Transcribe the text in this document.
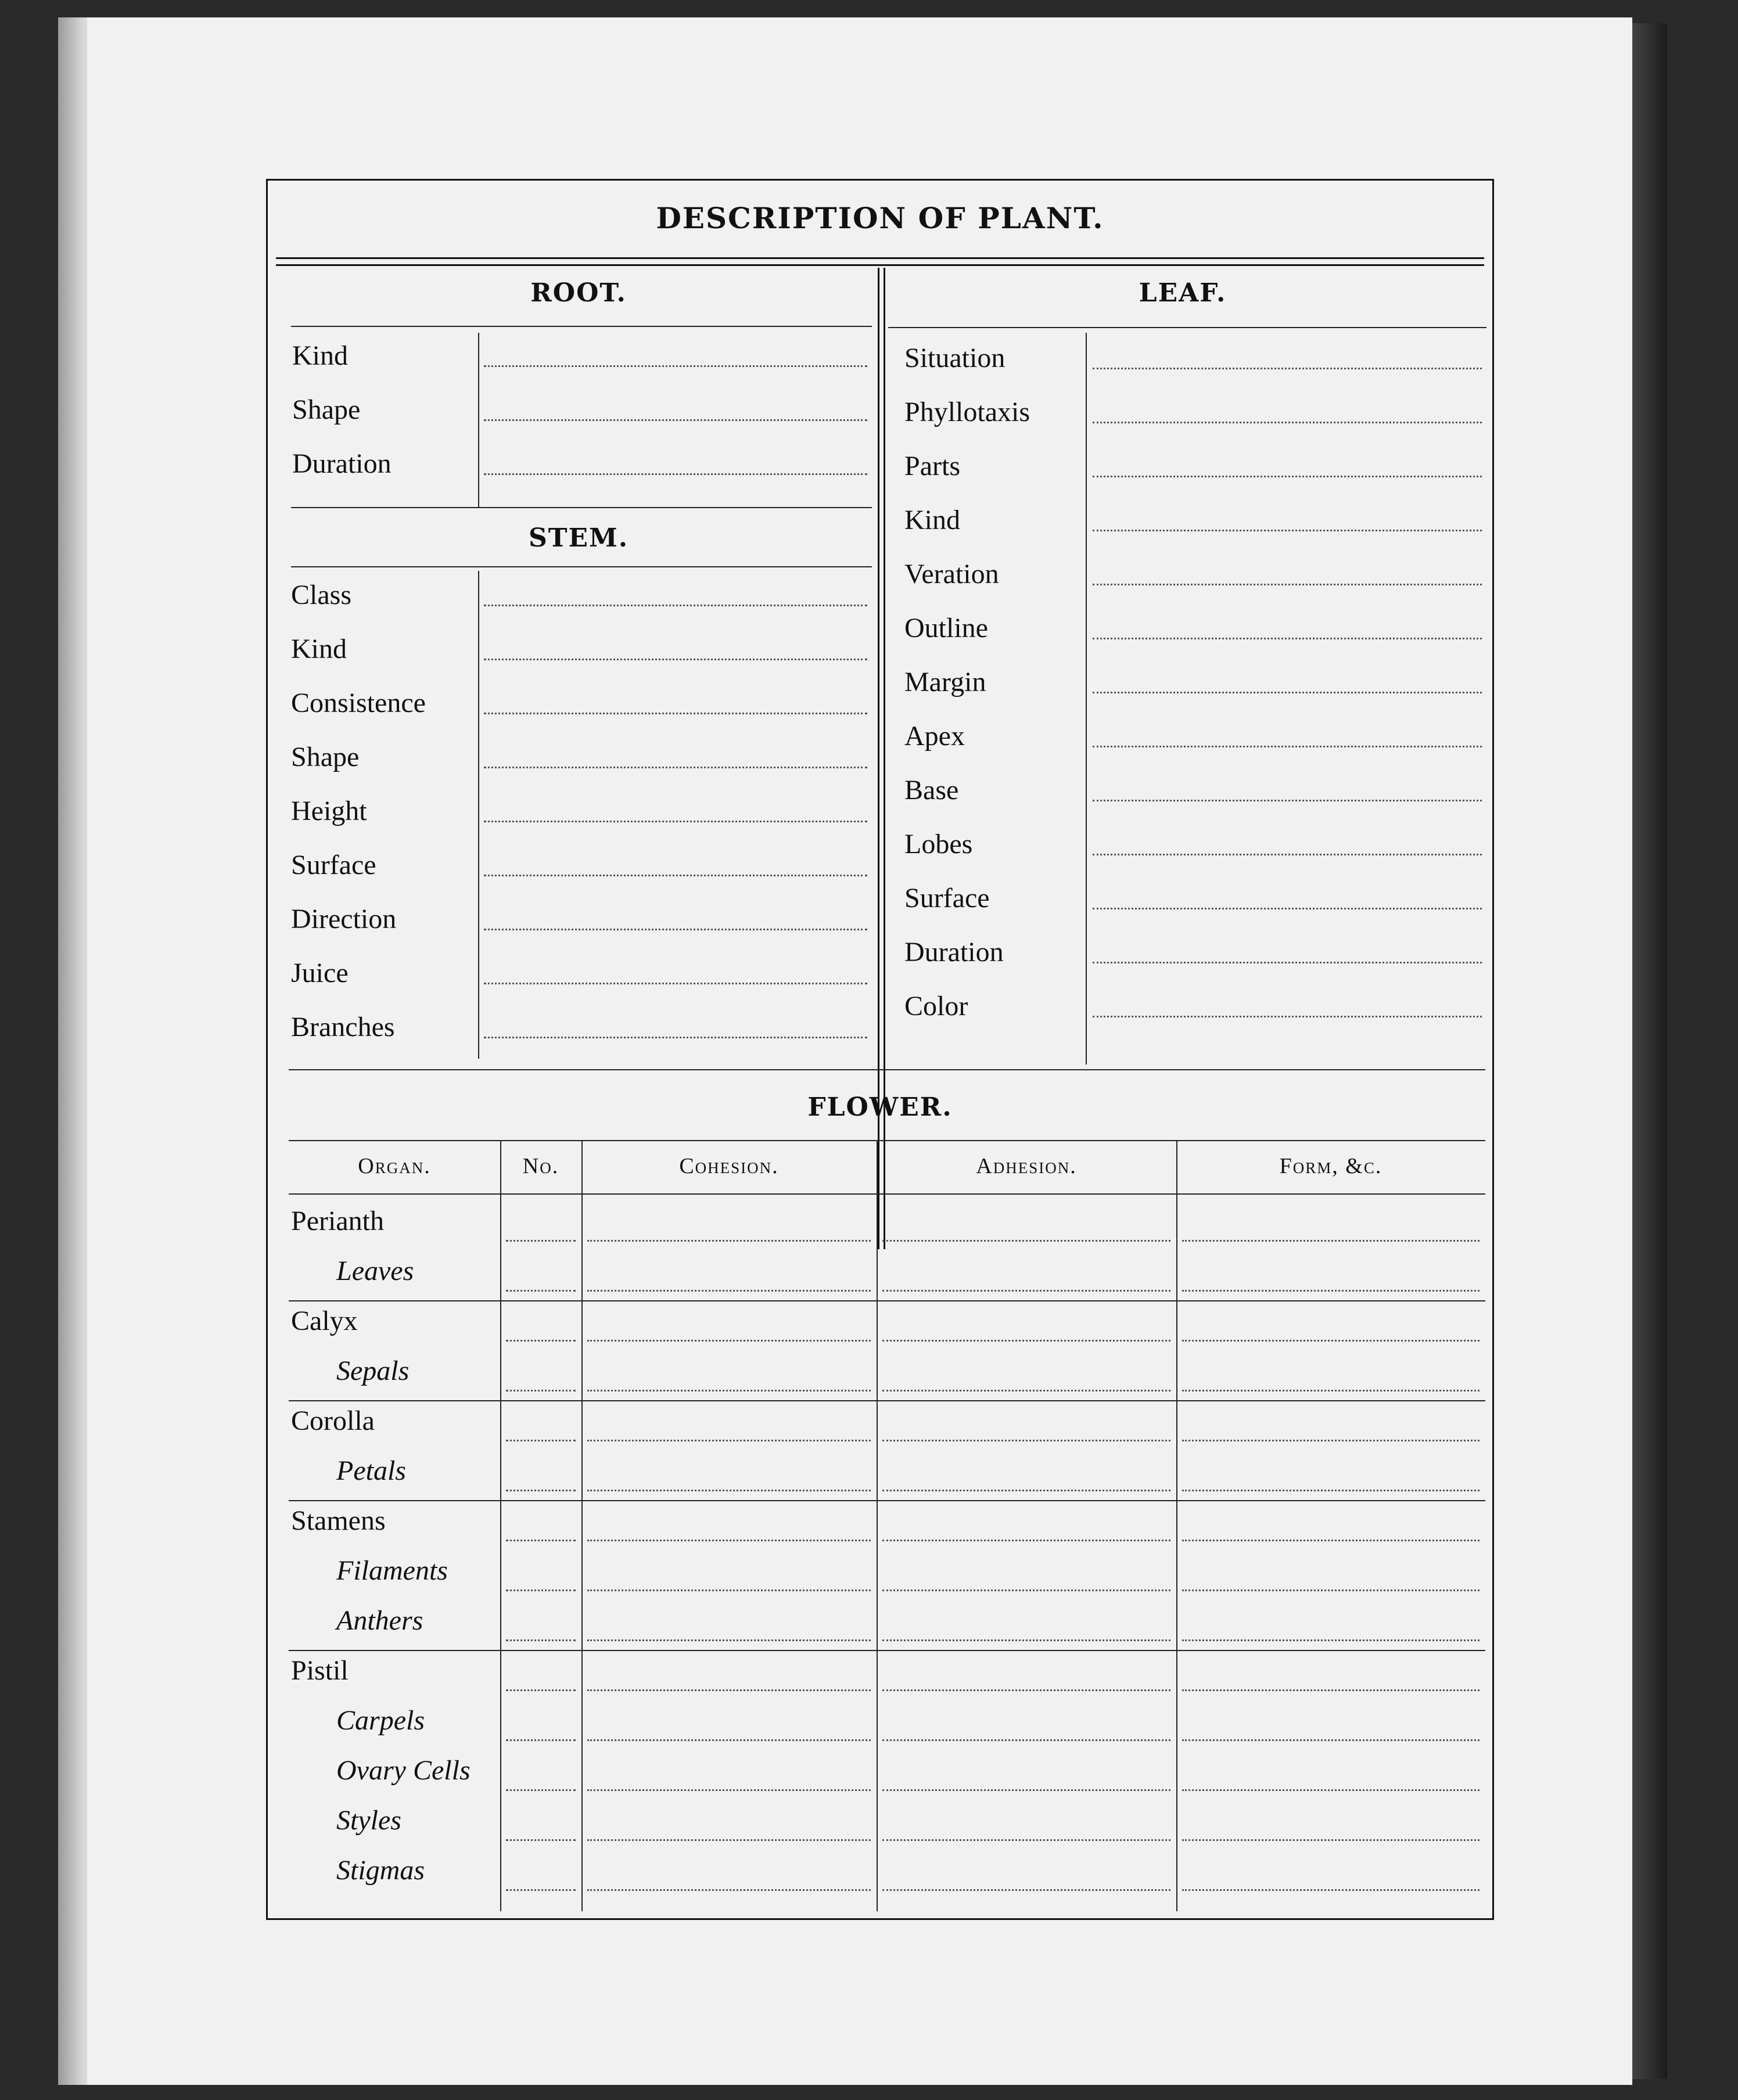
DESCRIPTION OF PLANT.
ROOT.
Kind
Shape
Duration
STEM.
Class
Kind
Consistence
Shape
Height
Surface
Direction
Juice
Branches
LEAF.
Situation
Phyllotaxis
Parts
Kind
Veration
Outline
Margin
Apex
Base
Lobes
Surface
Duration
Color
FLOWER.
Organ.	No.	Cohesion.	Adhesion.	Form, &c.
Perianth
Leaves
Calyx
Sepals
Corolla
Petals
Stamens
Filaments
Anthers
Pistil
Carpels
Ovary Cells
Styles
Stigmas
